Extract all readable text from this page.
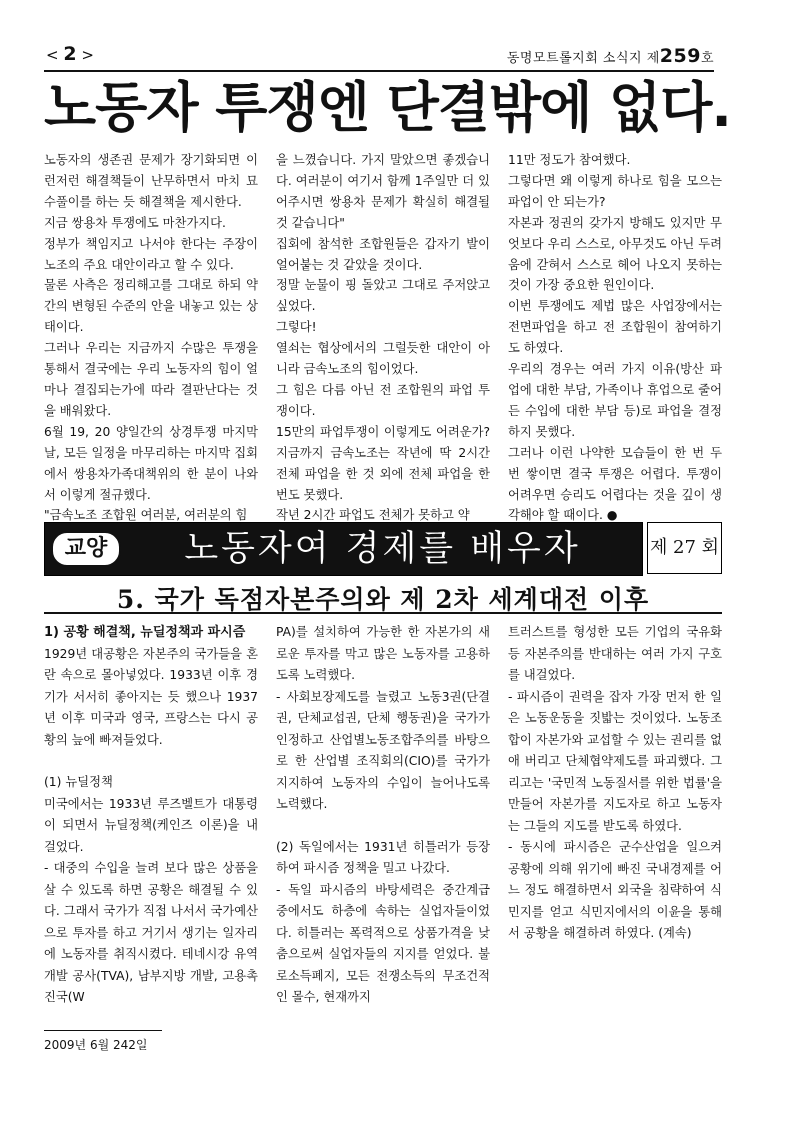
< 2 >	동명모트롤지회 소식지 제259호
노동자 투쟁엔 단결밖에 없다.

노동자의 생존권 문제가 장기화되면 이런저런 해결책들이 난무하면서 마치 묘수풀이를 하는 듯 해결책을 제시한다.

지금 쌍용차 투쟁에도 마찬가지다.

정부가 책임지고 나서야 한다는 주장이 노조의 주요 대안이라고 할 수 있다.

물론 사측은 정리해고를 그대로 하되 약간의 변형된 수준의 안을 내놓고 있는 상태이다.

그러나 우리는 지금까지 수많은 투쟁을 통해서 결국에는 우리 노동자의 힘이 얼마나 결집되는가에 따라 결판난다는 것을 배워왔다.

6월 19, 20 양일간의 상경투쟁 마지막 날, 모든 일정을 마무리하는 마지막 집회에서 쌍용차가족대책위의 한 분이 나와서 이렇게 절규했다.

"금속노조 조합원 여러분, 여러분의 힘

을 느꼈습니다. 가지 말았으면 좋겠습니다. 여러분이 여기서 함께 1주일만 더 있어주시면 쌍용차 문제가 확실히 해결될 것 같습니다"

집회에 참석한 조합원들은 갑자기 발이 얼어붙는 것 같았을 것이다.

정말 눈물이 핑 돌았고 그대로 주저앉고 싶었다.

그렇다!

열쇠는 협상에서의 그럴듯한 대안이 아니라 금속노조의 힘이었다.

그 힘은 다름 아닌 전 조합원의 파업 투쟁이다.

15만의 파업투쟁이 이렇게도 어려운가? 지금까지 금속노조는 작년에 딱 2시간 전체 파업을 한 것 외에 전체 파업을 한 번도 못했다.

작년 2시간 파업도 전체가 못하고 약

11만 정도가 참여했다.

그렇다면 왜 이렇게 하나로 힘을 모으는 파업이 안 되는가?

자본과 정권의 갖가지 방해도 있지만 무엇보다 우리 스스로, 아무것도 아닌 두려움에 갇혀서 스스로 헤어 나오지 못하는 것이 가장 중요한 원인이다.

이번 투쟁에도 제법 많은 사업장에서는 전면파업을 하고 전 조합원이 참여하기도 하였다.

우리의 경우는 여러 가지 이유(방산 파업에 대한 부담, 가족이나 휴업으로 줄어든 수입에 대한 부담 등)로 파업을 결정하지 못했다.

그러나 이런 나약한 모습들이 한 번 두 번 쌓이면 결국 투쟁은 어렵다. 투쟁이 어려우면 승리도 어렵다는 것을 깊이 생각해야 할 때이다. ●

교양	노동자여 경제를 배우자	제 27 회
5. 국가 독점자본주의와 제 2차 세계대전 이후

1) 공황 해결책, 뉴딜정책과 파시즘

1929년 대공황은 자본주의 국가들을 혼란 속으로 몰아넣었다. 1933년 이후 경기가 서서히 좋아지는 듯 했으나 1937년 이후 미국과 영국, 프랑스는 다시 공황의 늪에 빠져들었다.

(1) 뉴딜정책

미국에서는 1933년 루즈벨트가 대통령이 되면서 뉴딜정책(케인즈 이론)을 내 걸었다.

- 대중의 수입을 늘려 보다 많은 상품을 살 수 있도록 하면 공황은 해결될 수 있다. 그래서 국가가 직접 나서서 국가예산으로 투자를 하고 거기서 생기는 일자리에 노동자를 취직시켰다. 테네시강 유역개발 공사(TVA), 남부지방 개발, 고용촉진국(W

PA)를 설치하여 가능한 한 자본가의 새로운 투자를 막고 많은 노동자를 고용하도록 노력했다.

- 사회보장제도를 늘렸고 노동3권(단결권, 단체교섭권, 단체 행동권)을 국가가 인정하고 산업별노동조합주의를 바탕으로 한 산업별 조직회의(CIO)를 국가가 지지하여 노동자의 수입이 늘어나도록 노력했다.

(2) 독일에서는 1931년 히틀러가 등장하여 파시즘 정책을 밀고 나갔다.

- 독일 파시즘의 바탕세력은 중간계급 중에서도 하층에 속하는 실업자들이었다. 히틀러는 폭력적으로 상품가격을 낮춤으로써 실업자들의 지지를 얻었다. 불로소득폐지, 모든 전쟁소득의 무조건적인 몰수, 현재까지

트러스트를 형성한 모든 기업의 국유화 등 자본주의를 반대하는 여러 가지 구호를 내걸었다.

- 파시즘이 권력을 잡자 가장 먼저 한 일은 노동운동을 짓밟는 것이었다. 노동조합이 자본가와 교섭할 수 있는 권리를 없애 버리고 단체협약제도를 파괴했다. 그리고는 '국민적 노동질서를 위한 법률'을 만들어 자본가를 지도자로 하고 노동자는 그들의 지도를 받도록 하였다.

- 동시에 파시즘은 군수산업을 일으켜 공황에 의해 위기에 빠진 국내경제를 어느 정도 해결하면서 외국을 침략하여 식민지를 얻고 식민지에서의 이윤을 통해서 공황을 해결하려 하였다. (계속)

2009년 6월 242일
